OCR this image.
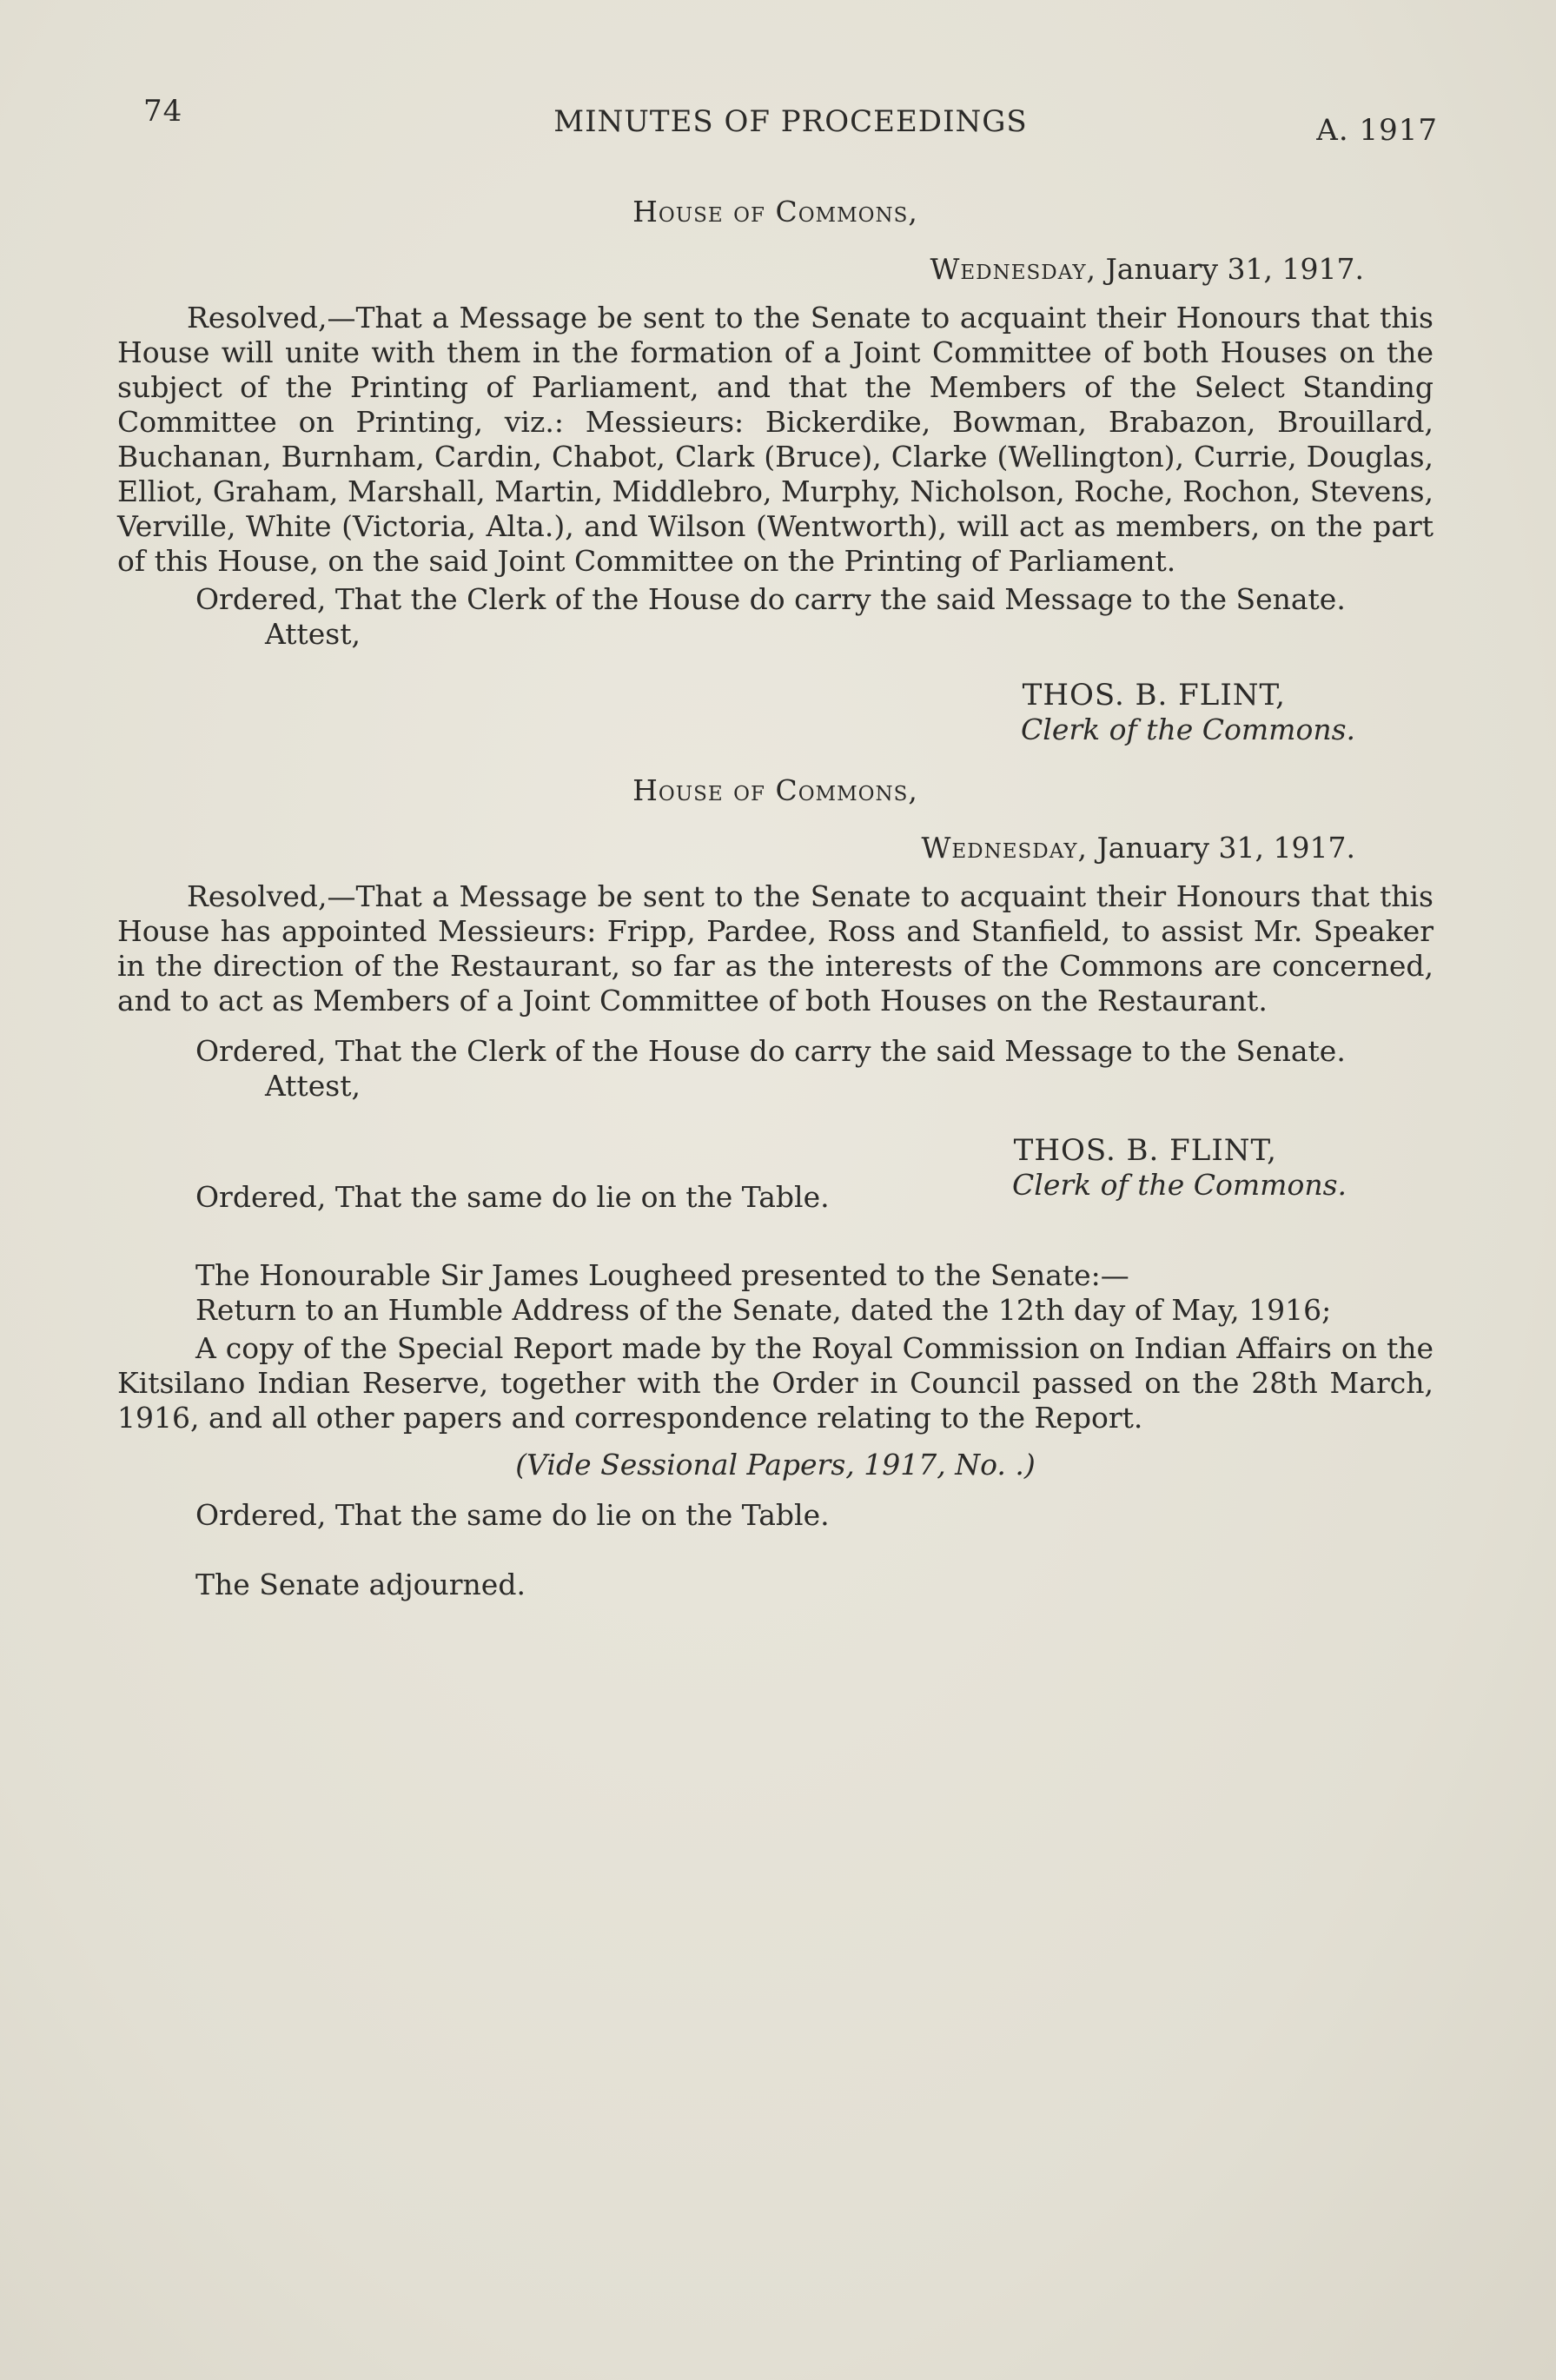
74	MINUTES OF PROCEEDINGS	A. 1917

House of Commons,

Wednesday, January 31, 1917.

Resolved,—That a Message be sent to the Senate to acquaint their Honours that this House will unite with them in the formation of a Joint Committee of both Houses on the subject of the Printing of Parliament, and that the Members of the Select Standing Committee on Printing, viz.: Messieurs: Bickerdike, Bowman, Brabazon, Brouillard, Buchanan, Burnham, Cardin, Chabot, Clark (Bruce), Clarke (Wellington), Currie, Douglas, Elliot, Graham, Marshall, Martin, Middlebro, Murphy, Nicholson, Roche, Rochon, Stevens, Verville, White (Victoria, Alta.), and Wilson (Wentworth), will act as members, on the part of this House, on the said Joint Committee on the Printing of Parliament.

Ordered, That the Clerk of the House do carry the said Message to the Senate.

Attest,

THOS. B. FLINT,

Clerk of the Commons.

House of Commons,

Wednesday, January 31, 1917.

Resolved,—That a Message be sent to the Senate to acquaint their Honours that this House has appointed Messieurs: Fripp, Pardee, Ross and Stanfield, to assist Mr. Speaker in the direction of the Restaurant, so far as the interests of the Commons are concerned, and to act as Members of a Joint Committee of both Houses on the Restaurant.

Ordered, That the Clerk of the House do carry the said Message to the Senate.

Attest,

THOS. B. FLINT,

Clerk of the Commons.

Ordered, That the same do lie on the Table.

The Honourable Sir James Lougheed presented to the Senate:—

Return to an Humble Address of the Senate, dated the 12th day of May, 1916;

A copy of the Special Report made by the Royal Commission on Indian Affairs on the Kitsilano Indian Reserve, together with the Order in Council passed on the 28th March, 1916, and all other papers and correspondence relating to the Report.

(Vide Sessional Papers, 1917, No. .)

Ordered, That the same do lie on the Table.

The Senate adjourned.
